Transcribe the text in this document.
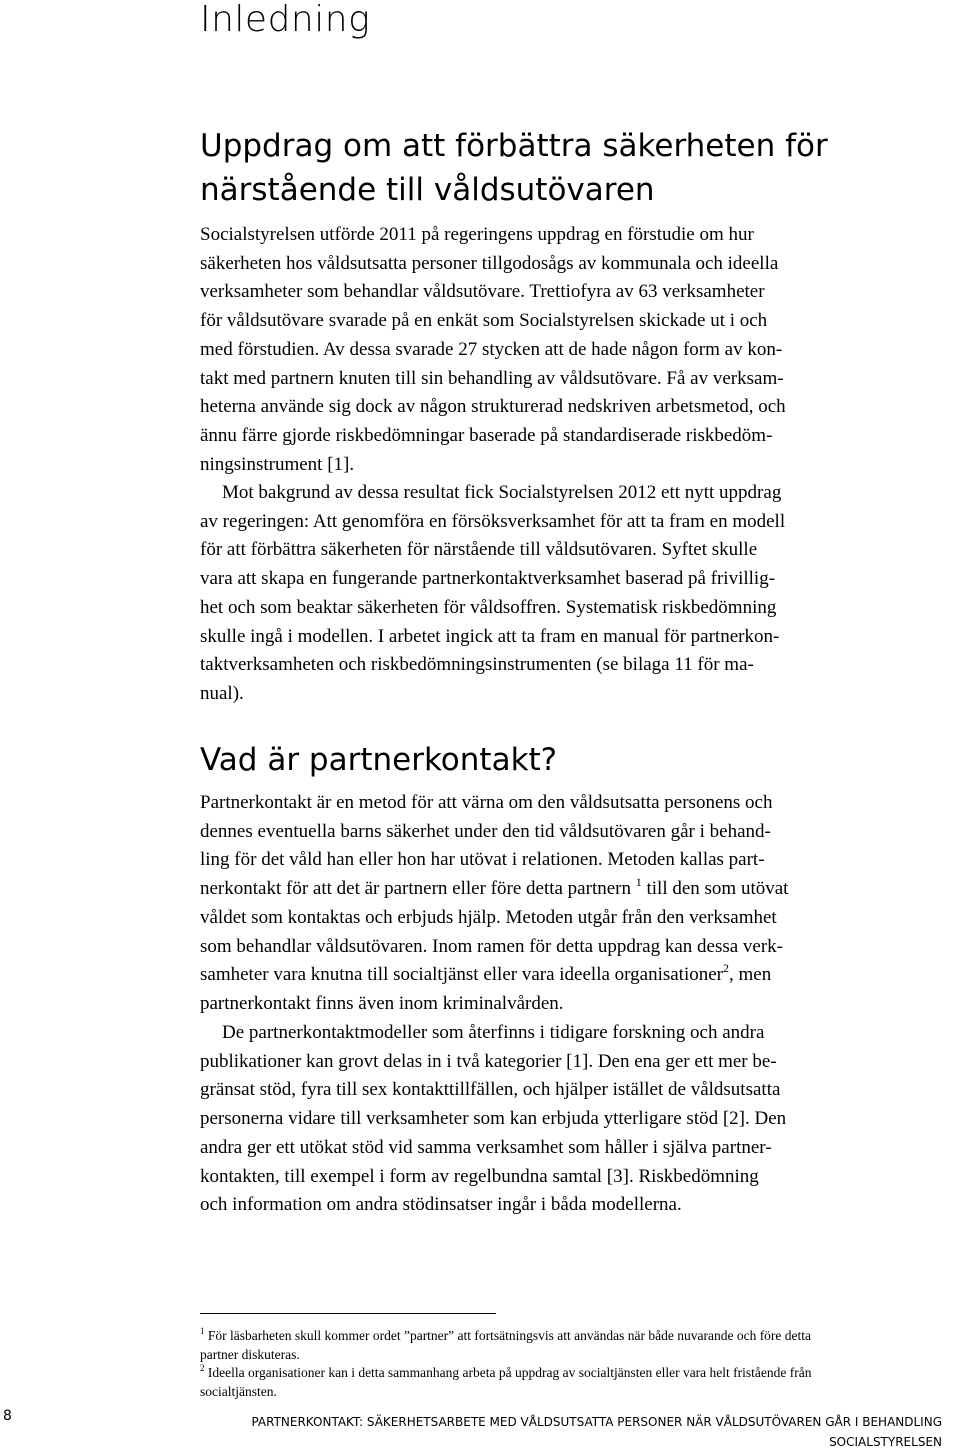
Inledning
Uppdrag om att förbättra säkerheten för
närstående till våldsutövaren
Socialstyrelsen utförde 2011 på regeringens uppdrag en förstudie om hur
säkerheten hos våldsutsatta personer tillgodosågs av kommunala och ideella
verksamheter som behandlar våldsutövare. Trettiofyra av 63 verksamheter
för våldsutövare svarade på en enkät som Socialstyrelsen skickade ut i och
med förstudien. Av dessa svarade 27 stycken att de hade någon form av kon-
takt med partnern knuten till sin behandling av våldsutövare. Få av verksam-
heterna använde sig dock av någon strukturerad nedskriven arbetsmetod, och
ännu färre gjorde riskbedömningar baserade på standardiserade riskbedöm-
ningsinstrument [1].
Mot bakgrund av dessa resultat fick Socialstyrelsen 2012 ett nytt uppdrag
av regeringen: Att genomföra en försöksverksamhet för att ta fram en modell
för att förbättra säkerheten för närstående till våldsutövaren. Syftet skulle
vara att skapa en fungerande partnerkontaktverksamhet baserad på frivillig-
het och som beaktar säkerheten för våldsoffren. Systematisk riskbedömning
skulle ingå i modellen. I arbetet ingick att ta fram en manual för partnerkon-
taktverksamheten och riskbedömningsinstrumenten (se bilaga 11 för ma-
nual).
Vad är partnerkontakt?
Partnerkontakt är en metod för att värna om den våldsutsatta personens och
dennes eventuella barns säkerhet under den tid våldsutövaren går i behand-
ling för det våld han eller hon har utövat i relationen. Metoden kallas part-
nerkontakt för att det är partnern eller före detta partnern $^1$ till den som utövat
våldet som kontaktas och erbjuds hjälp. Metoden utgår från den verksamhet
som behandlar våldsutövaren. Inom ramen för detta uppdrag kan dessa verk-
samheter vara knutna till socialtjänst eller vara ideella organisationer$^2$, men
partnerkontakt finns även inom kriminalvården.
De partnerkontaktmodeller som återfinns i tidigare forskning och andra
publikationer kan grovt delas in i två kategorier [1]. Den ena ger ett mer be-
gränsat stöd, fyra till sex kontakttillfällen, och hjälper istället de våldsutsatta
personerna vidare till verksamheter som kan erbjuda ytterligare stöd [2]. Den
andra ger ett utökat stöd vid samma verksamhet som håller i själva partner-
kontakten, till exempel i form av regelbundna samtal [3]. Riskbedömning
och information om andra stödinsatser ingår i båda modellerna.
$^1$ För läsbarheten skull kommer ordet ”partner” att fortsätningsvis att användas när både nuvarande och före detta
partner diskuteras.
$^2$ Ideella organisationer kan i detta sammanhang arbeta på uppdrag av socialtjänsten eller vara helt fristående från
socialtjänsten.
8	PARTNERKONTAKT: SÄKERHETSARBETE MED VÅLDSUTSATTA PERSONER NÄR VÅLDSUTÖVAREN GÅR I BEHANDLING
SOCIALSTYRELSEN
